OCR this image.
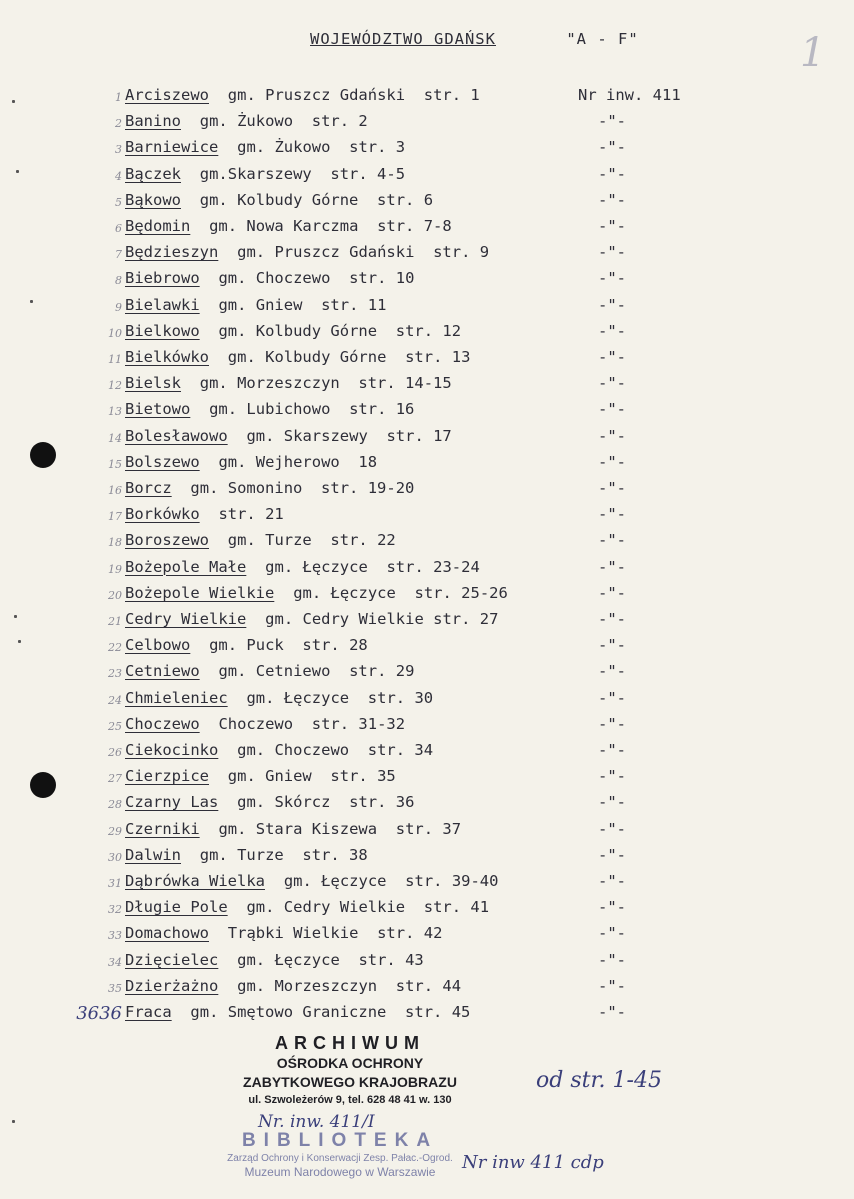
WOJEWÓDZTWO GDAŃSK	"A - F"	1
1 Arciszewo gm. Pruszcz Gdański  str. 1	Nr inw. 411
2 Banino gm. Żukowo  str. 2	-"-
3 Barniewice gm. Żukowo  str. 3	-"-
4 Bączek gm.Skarszewy  str. 4-5	-"-
5 Bąkowo gm. Kolbudy Górne  str. 6	-"-
6 Będomin gm. Nowa Karczma  str. 7-8	-"-
7 Będzieszyn gm. Pruszcz Gdański  str. 9	-"-
8 Biebrowo gm. Choczewo  str. 10	-"-
9 Bielawki gm. Gniew  str. 11	-"-
10 Bielkowo gm. Kolbudy Górne  str. 12	-"-
11 Bielkówko gm. Kolbudy Górne  str. 13	-"-
12 Bielsk gm. Morzeszczyn  str. 14-15	-"-
13 Bietowo gm. Lubichowo  str. 16	-"-
14 Bolesławowo gm. Skarszewy  str. 17	-"-
15 Bolszewo gm. Wejherowo  18	-"-
16 Borcz gm. Somonino  str. 19-20	-"-
17 Borkówko str. 21	-"-
18 Boroszewo gm. Turze  str. 22	-"-
19 Bożepole Małe gm. Łęczyce  str. 23-24	-"-
20 Bożepole Wielkie gm. Łęczyce  str. 25-26	-"-
21 Cedry Wielkie gm. Cedry Wielkie str. 27	-"-
22 Celbowo gm. Puck  str. 28	-"-
23 Cetniewo gm. Cetniewo  str. 29	-"-
24 Chmieleniec gm. Łęczyce  str. 30	-"-
25 Choczewo Choczewo  str. 31-32	-"-
26 Ciekocinko gm. Choczewo  str. 34	-"-
27 Cierzpice gm. Gniew  str. 35	-"-
28 Czarny Las gm. Skórcz  str. 36	-"-
29 Czerniki gm. Stara Kiszewa  str. 37	-"-
30 Dalwin gm. Turze  str. 38	-"-
31 Dąbrówka Wielka gm. Łęczyce  str. 39-40	-"-
32 Długie Pole gm. Cedry Wielkie  str. 41	-"-
33 Domachowo Trąbki Wielkie  str. 42	-"-
34 Dzięcielec gm. Łęczyce  str. 43	-"-
35 Dzierżażno gm. Morzeszczyn  str. 44	-"-
3636 Fraca gm. Smętowo Graniczne  str. 45	-"-
ARCHIWUM
OŚRODKA OCHRONY
ZABYTKOWEGO KRAJOBRAZU
ul. Szwoleżerów 9, tel. 628 48 41 w. 130
Nr. inw. 411/I
BIBLIOTEKA
Zarząd Ochrony i Konserwacji Zesp. Pałac.-Ogrod.
Muzeum Narodowego w Warszawie
od str. 1-45
Nr inw 411 cdp
